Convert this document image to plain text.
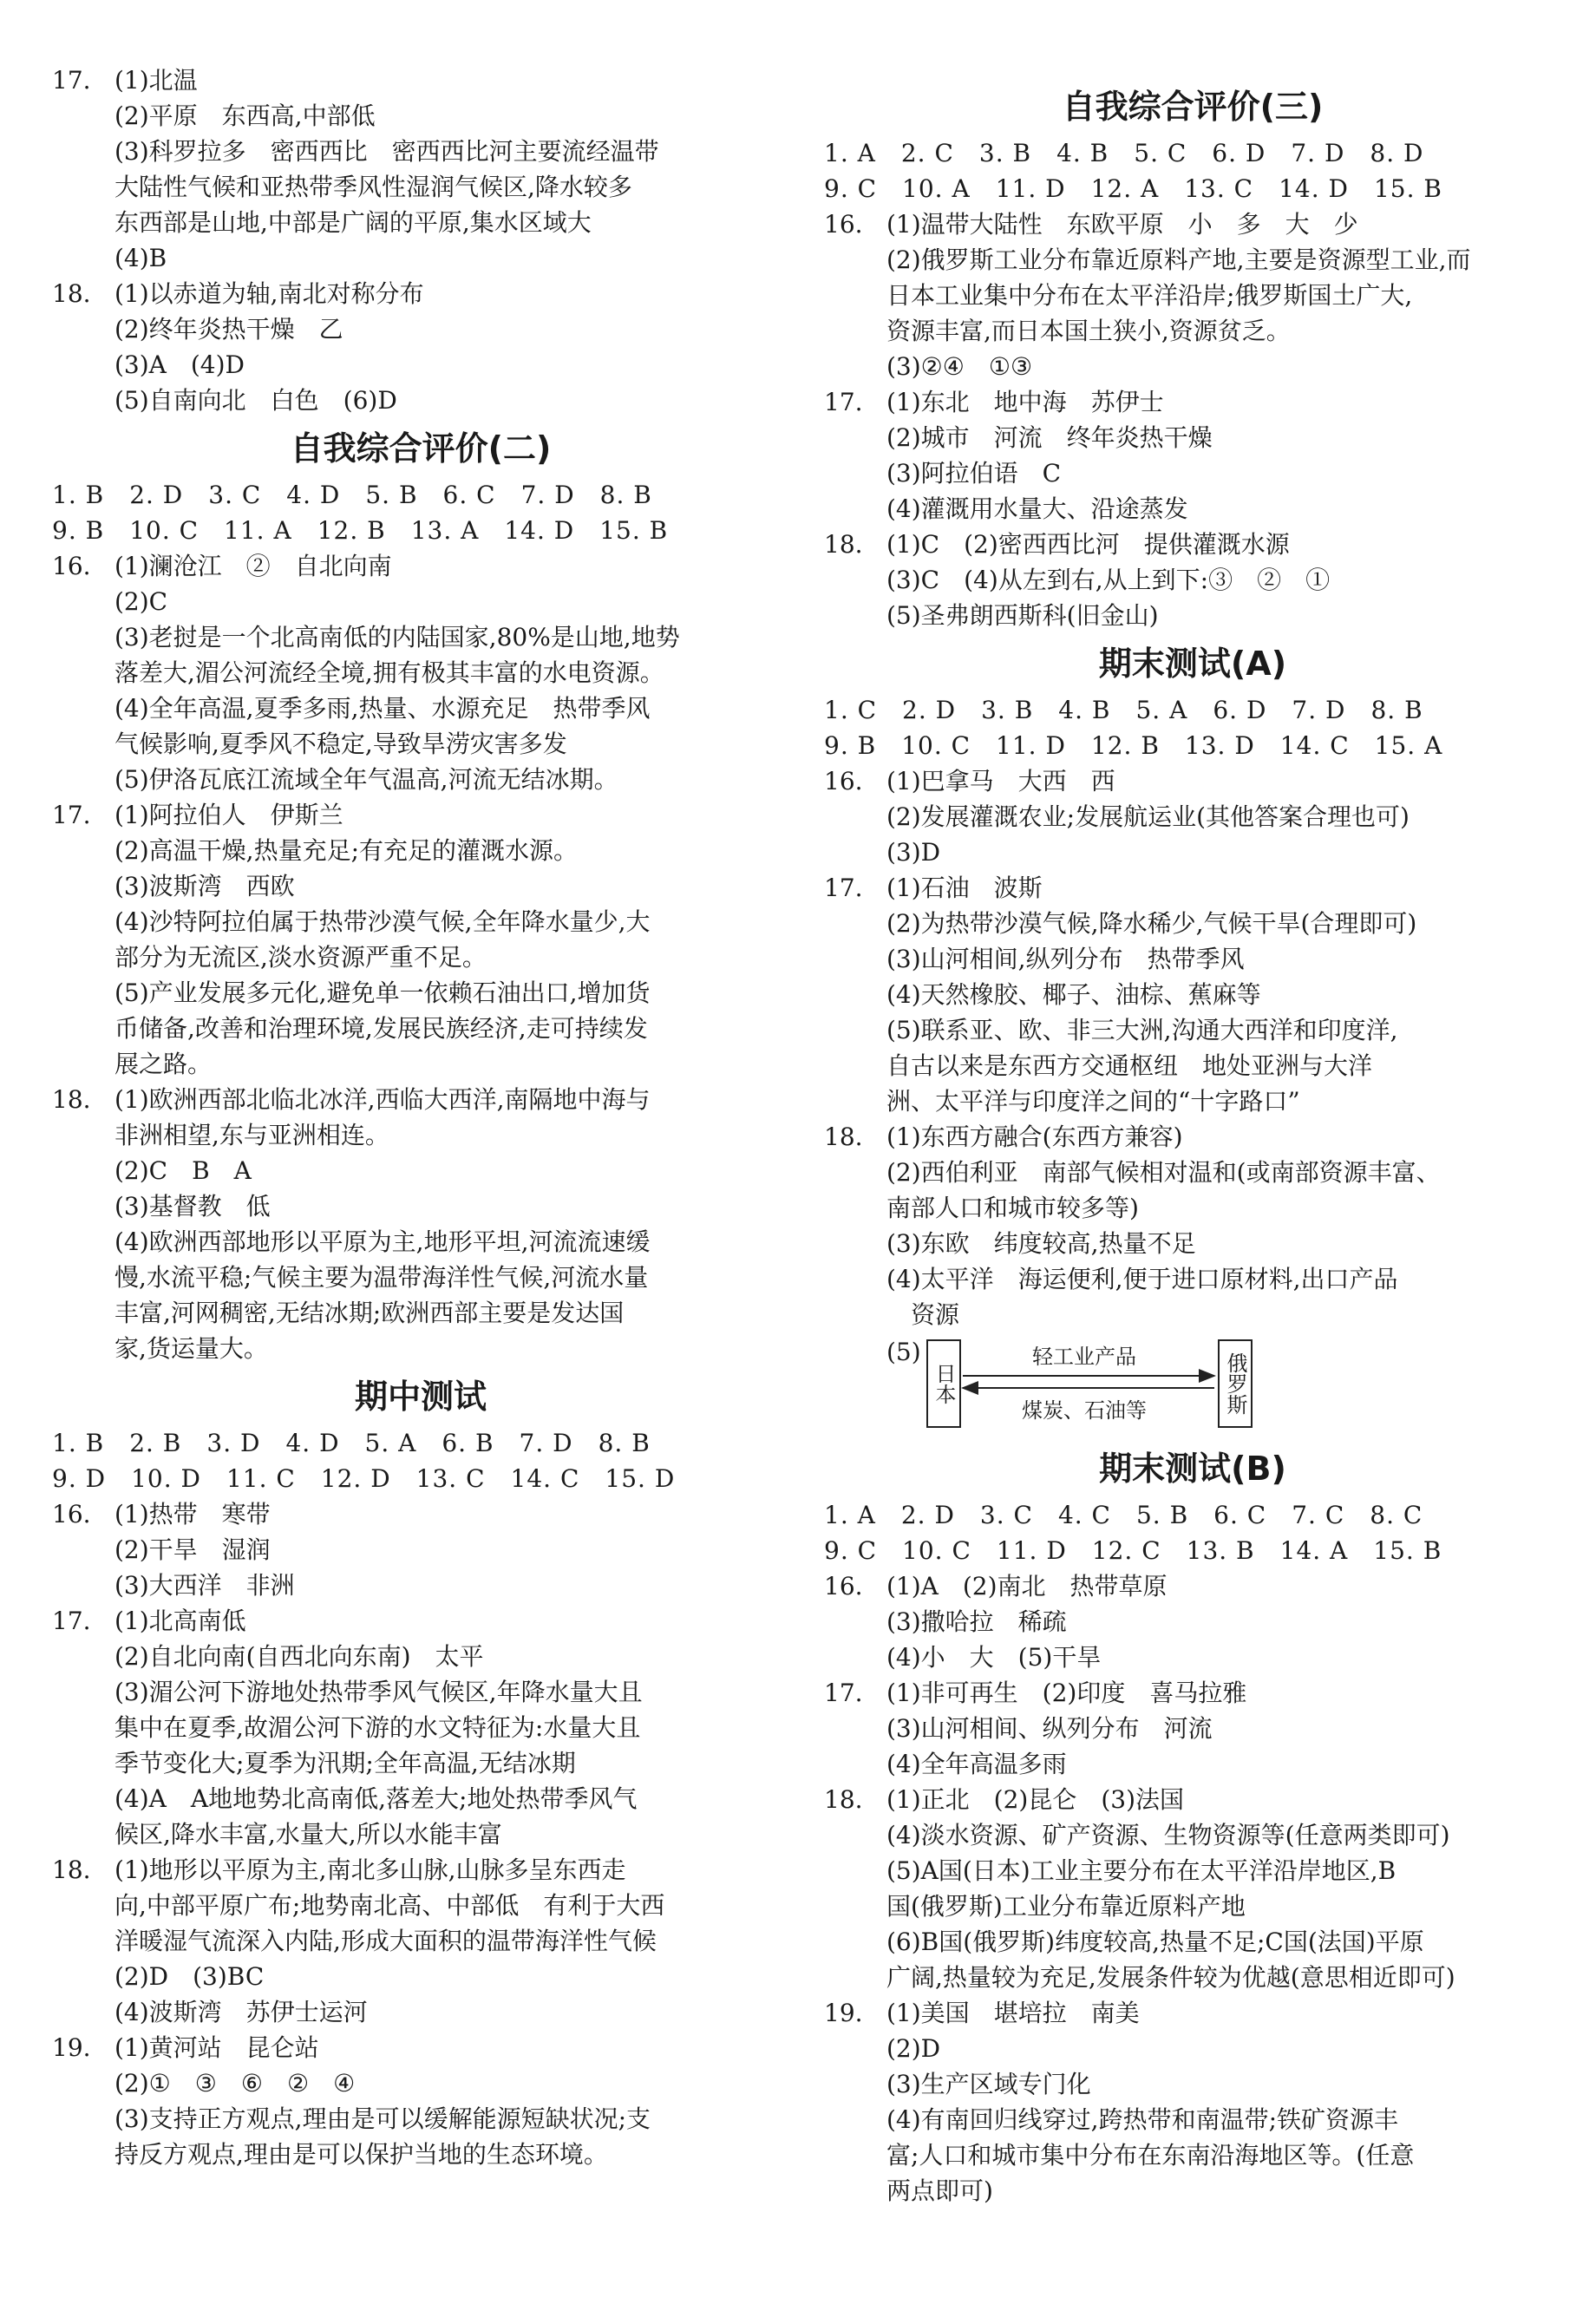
17. (1)北温
(2)平原　东西高,中部低
(3)科罗拉多　密西西比　密西西比河主要流经温带
大陆性气候和亚热带季风性湿润气候区,降水较多
东西部是山地,中部是广阔的平原,集水区域大
(4)B
18. (1)以赤道为轴,南北对称分布
(2)终年炎热干燥　乙
(3)A　(4)D
(5)自南向北　白色　(6)D
自我综合评价(二)
1. B　2. D　3. C　4. D　5. B　6. C　7. D　8. B
9. B　10. C　11. A　12. B　13. A　14. D　15. B
16. (1)澜沧江　②　自北向南
(2)C
(3)老挝是一个北高南低的内陆国家,80%是山地,地势
落差大,湄公河流经全境,拥有极其丰富的水电资源。
(4)全年高温,夏季多雨,热量、水源充足　热带季风
气候影响,夏季风不稳定,导致旱涝灾害多发
(5)伊洛瓦底江流域全年气温高,河流无结冰期。
17. (1)阿拉伯人　伊斯兰
(2)高温干燥,热量充足;有充足的灌溉水源。
(3)波斯湾　西欧
(4)沙特阿拉伯属于热带沙漠气候,全年降水量少,大
部分为无流区,淡水资源严重不足。
(5)产业发展多元化,避免单一依赖石油出口,增加货
币储备,改善和治理环境,发展民族经济,走可持续发
展之路。
18. (1)欧洲西部北临北冰洋,西临大西洋,南隔地中海与
非洲相望,东与亚洲相连。
(2)C　B　A
(3)基督教　低
(4)欧洲西部地形以平原为主,地形平坦,河流流速缓
慢,水流平稳;气候主要为温带海洋性气候,河流水量
丰富,河网稠密,无结冰期;欧洲西部主要是发达国
家,货运量大。
期中测试
1. B　2. B　3. D　4. D　5. A　6. B　7. D　8. B
9. D　10. D　11. C　12. D　13. C　14. C　15. D
16. (1)热带　寒带
(2)干旱　湿润
(3)大西洋　非洲
17. (1)北高南低
(2)自北向南(自西北向东南)　太平
(3)湄公河下游地处热带季风气候区,年降水量大且
集中在夏季,故湄公河下游的水文特征为:水量大且
季节变化大;夏季为汛期;全年高温,无结冰期
(4)A　A地地势北高南低,落差大;地处热带季风气
候区,降水丰富,水量大,所以水能丰富
18. (1)地形以平原为主,南北多山脉,山脉多呈东西走
向,中部平原广布;地势南北高、中部低　有利于大西
洋暖湿气流深入内陆,形成大面积的温带海洋性气候
(2)D　(3)BC
(4)波斯湾　苏伊士运河
19. (1)黄河站　昆仑站
(2)①　③　⑥　②　④
(3)支持正方观点,理由是可以缓解能源短缺状况;支
持反方观点,理由是可以保护当地的生态环境。
自我综合评价(三)
1. A　2. C　3. B　4. B　5. C　6. D　7. D　8. D
9. C　10. A　11. D　12. A　13. C　14. D　15. B
16. (1)温带大陆性　东欧平原　小　多　大　少
(2)俄罗斯工业分布靠近原料产地,主要是资源型工业,而
日本工业集中分布在太平洋沿岸;俄罗斯国土广大,
资源丰富,而日本国土狭小,资源贫乏。
(3)②④　①③
17. (1)东北　地中海　苏伊士
(2)城市　河流　终年炎热干燥
(3)阿拉伯语　C
(4)灌溉用水量大、沿途蒸发
18. (1)C　(2)密西西比河　提供灌溉水源
(3)C　(4)从左到右,从上到下:③　②　①
(5)圣弗朗西斯科(旧金山)
期末测试(A)
1. C　2. D　3. B　4. B　5. A　6. D　7. D　8. B
9. B　10. C　11. D　12. B　13. D　14. C　15. A
16. (1)巴拿马　大西　西
(2)发展灌溉农业;发展航运业(其他答案合理也可)
(3)D
17. (1)石油　波斯
(2)为热带沙漠气候,降水稀少,气候干旱(合理即可)
(3)山河相间,纵列分布　热带季风
(4)天然橡胶、椰子、油棕、蕉麻等
(5)联系亚、欧、非三大洲,沟通大西洋和印度洋,
自古以来是东西方交通枢纽　地处亚洲与大洋
洲、太平洋与印度洋之间的“十字路口”
18. (1)东西方融合(东西方兼容)
(2)西伯利亚　南部气候相对温和(或南部资源丰富、
南部人口和城市较多等)
(3)东欧　纬度较高,热量不足
(4)太平洋　海运便利,便于进口原材料,出口产品
　资源
(5)
日本	俄罗斯
轻工业产品
煤炭、石油等
期末测试(B)
1. A　2. D　3. C　4. C　5. B　6. C　7. C　8. C
9. C　10. C　11. D　12. C　13. B　14. A　15. B
16. (1)A　(2)南北　热带草原
(3)撒哈拉　稀疏
(4)小　大　(5)干旱
17. (1)非可再生　(2)印度　喜马拉雅
(3)山河相间、纵列分布　河流
(4)全年高温多雨
18. (1)正北　(2)昆仑　(3)法国
(4)淡水资源、矿产资源、生物资源等(任意两类即可)
(5)A国(日本)工业主要分布在太平洋沿岸地区,B
国(俄罗斯)工业分布靠近原料产地
(6)B国(俄罗斯)纬度较高,热量不足;C国(法国)平原
广阔,热量较为充足,发展条件较为优越(意思相近即可)
19. (1)美国　堪培拉　南美
(2)D
(3)生产区域专门化
(4)有南回归线穿过,跨热带和南温带;铁矿资源丰
富;人口和城市集中分布在东南沿海地区等。(任意
两点即可)
